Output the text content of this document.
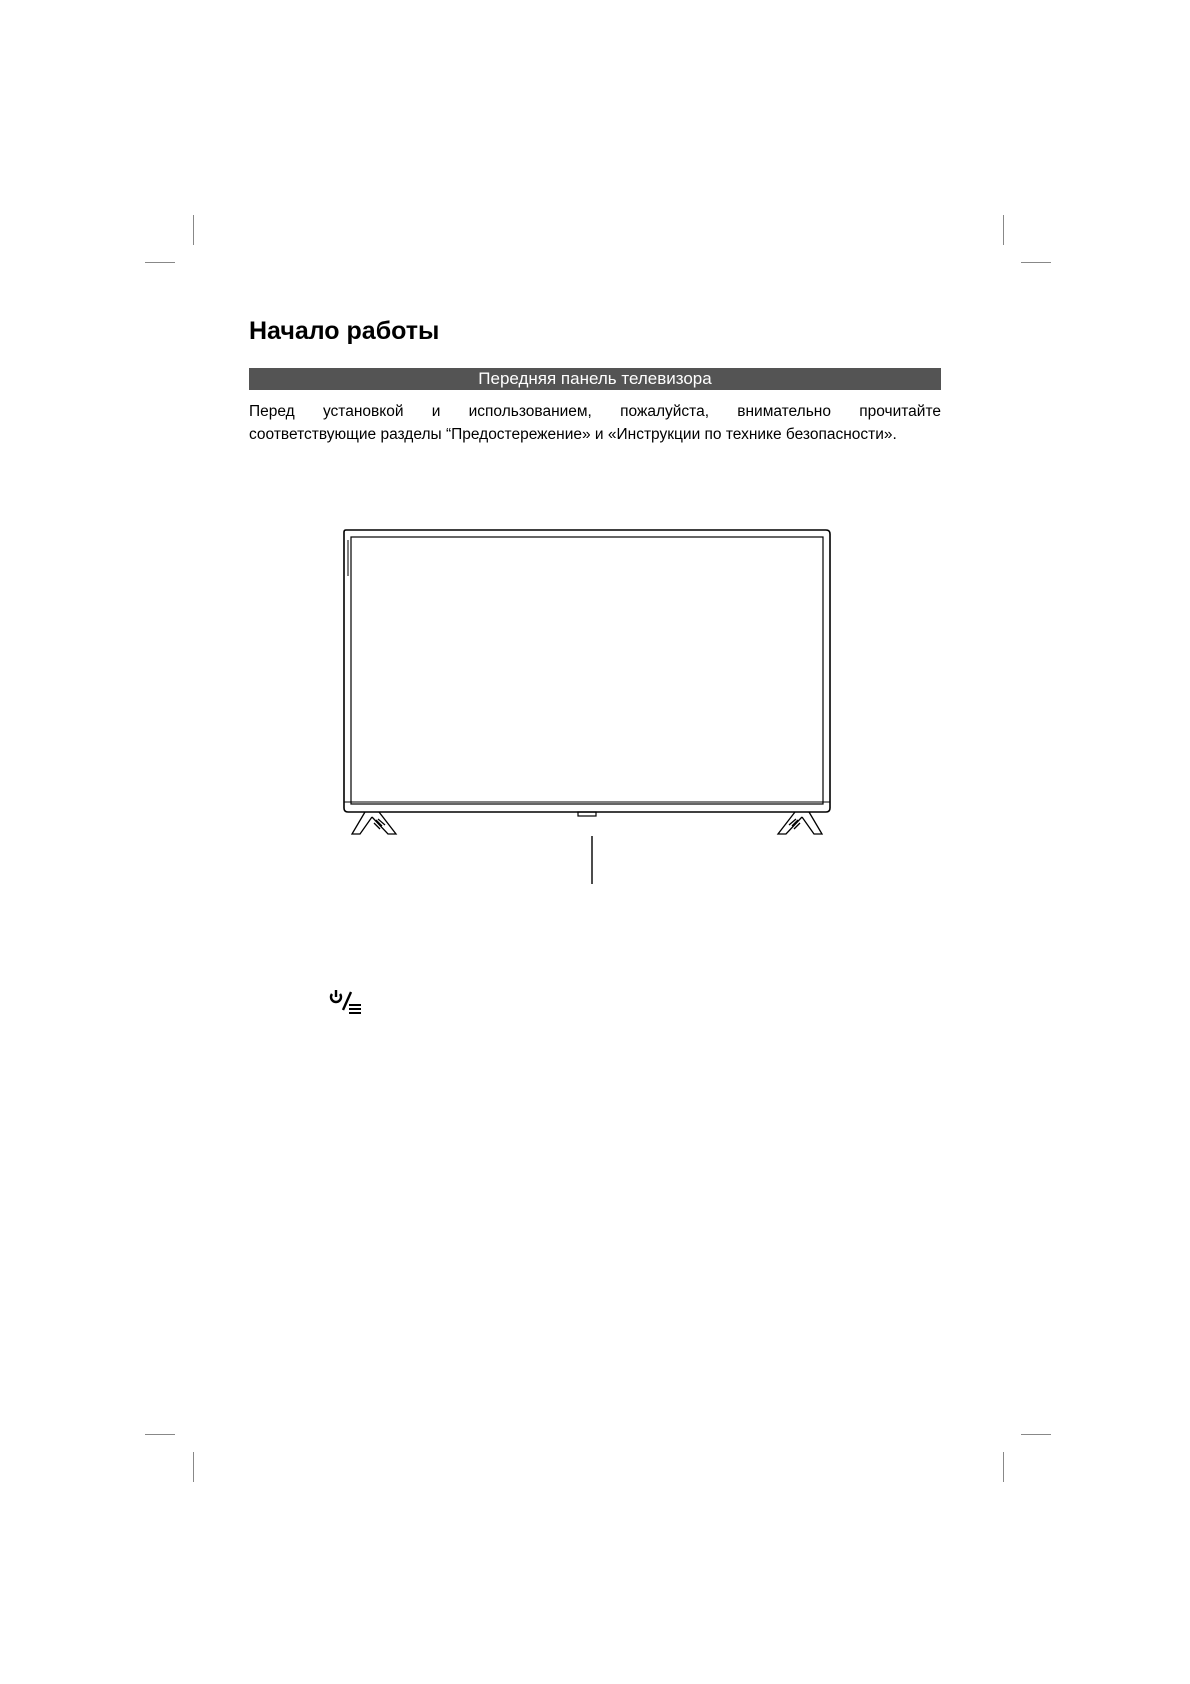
Начало работы
Передняя панель телевизора

Перед установкой и использованием, пожалуйста, внимательно прочитайте
соответствующие разделы “Предостережение» и «Инструкции по технике безопасности».
